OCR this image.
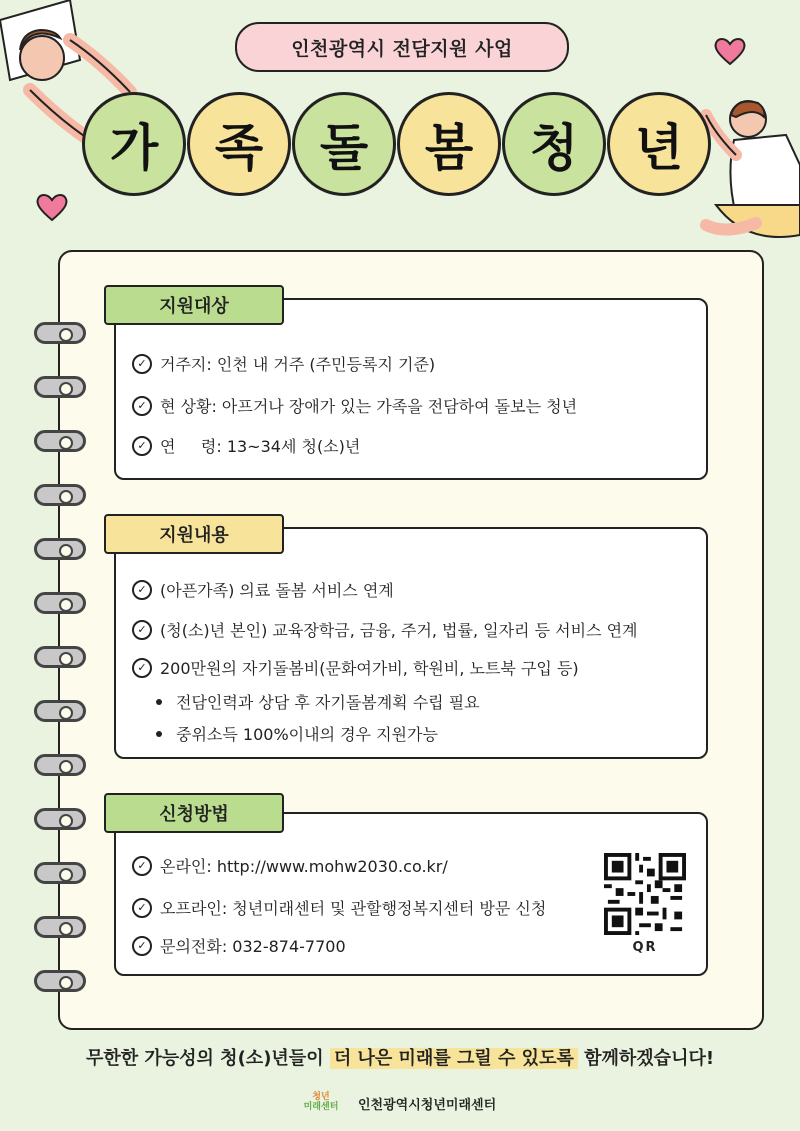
인천광역시 전담지원 사업
가	족	돌	봄	청	년
지원대상
✓ 거주지: 인천 내 거주 (주민등록지 기준)
✓ 현 상황: 아프거나 장애가 있는 가족을 전담하여 돌보는 청년
✓ 연     령: 13~34세 청(소)년
지원내용
✓ (아픈가족) 의료 돌봄 서비스 연계
✓ (청(소)년 본인) 교육장학금, 금융, 주거, 법률, 일자리 등 서비스 연계
✓ 200만원의 자기돌봄비(문화여가비, 학원비, 노트북 구입 등)
전담인력과 상담 후 자기돌봄계획 수립 필요
중위소득 100%이내의 경우 지원가능
신청방법
✓ 온라인: http://www.mohw2030.co.kr/
✓ 오프라인: 청년미래센터 및 관할행정복지센터 방문 신청
✓ 문의전화: 032-874-7700	QR
무한한 가능성의 청(소)년들이 더 나은 미래를 그릴 수 있도록 함께하겠습니다!
청년
미래센터 인천광역시청년미래센터
